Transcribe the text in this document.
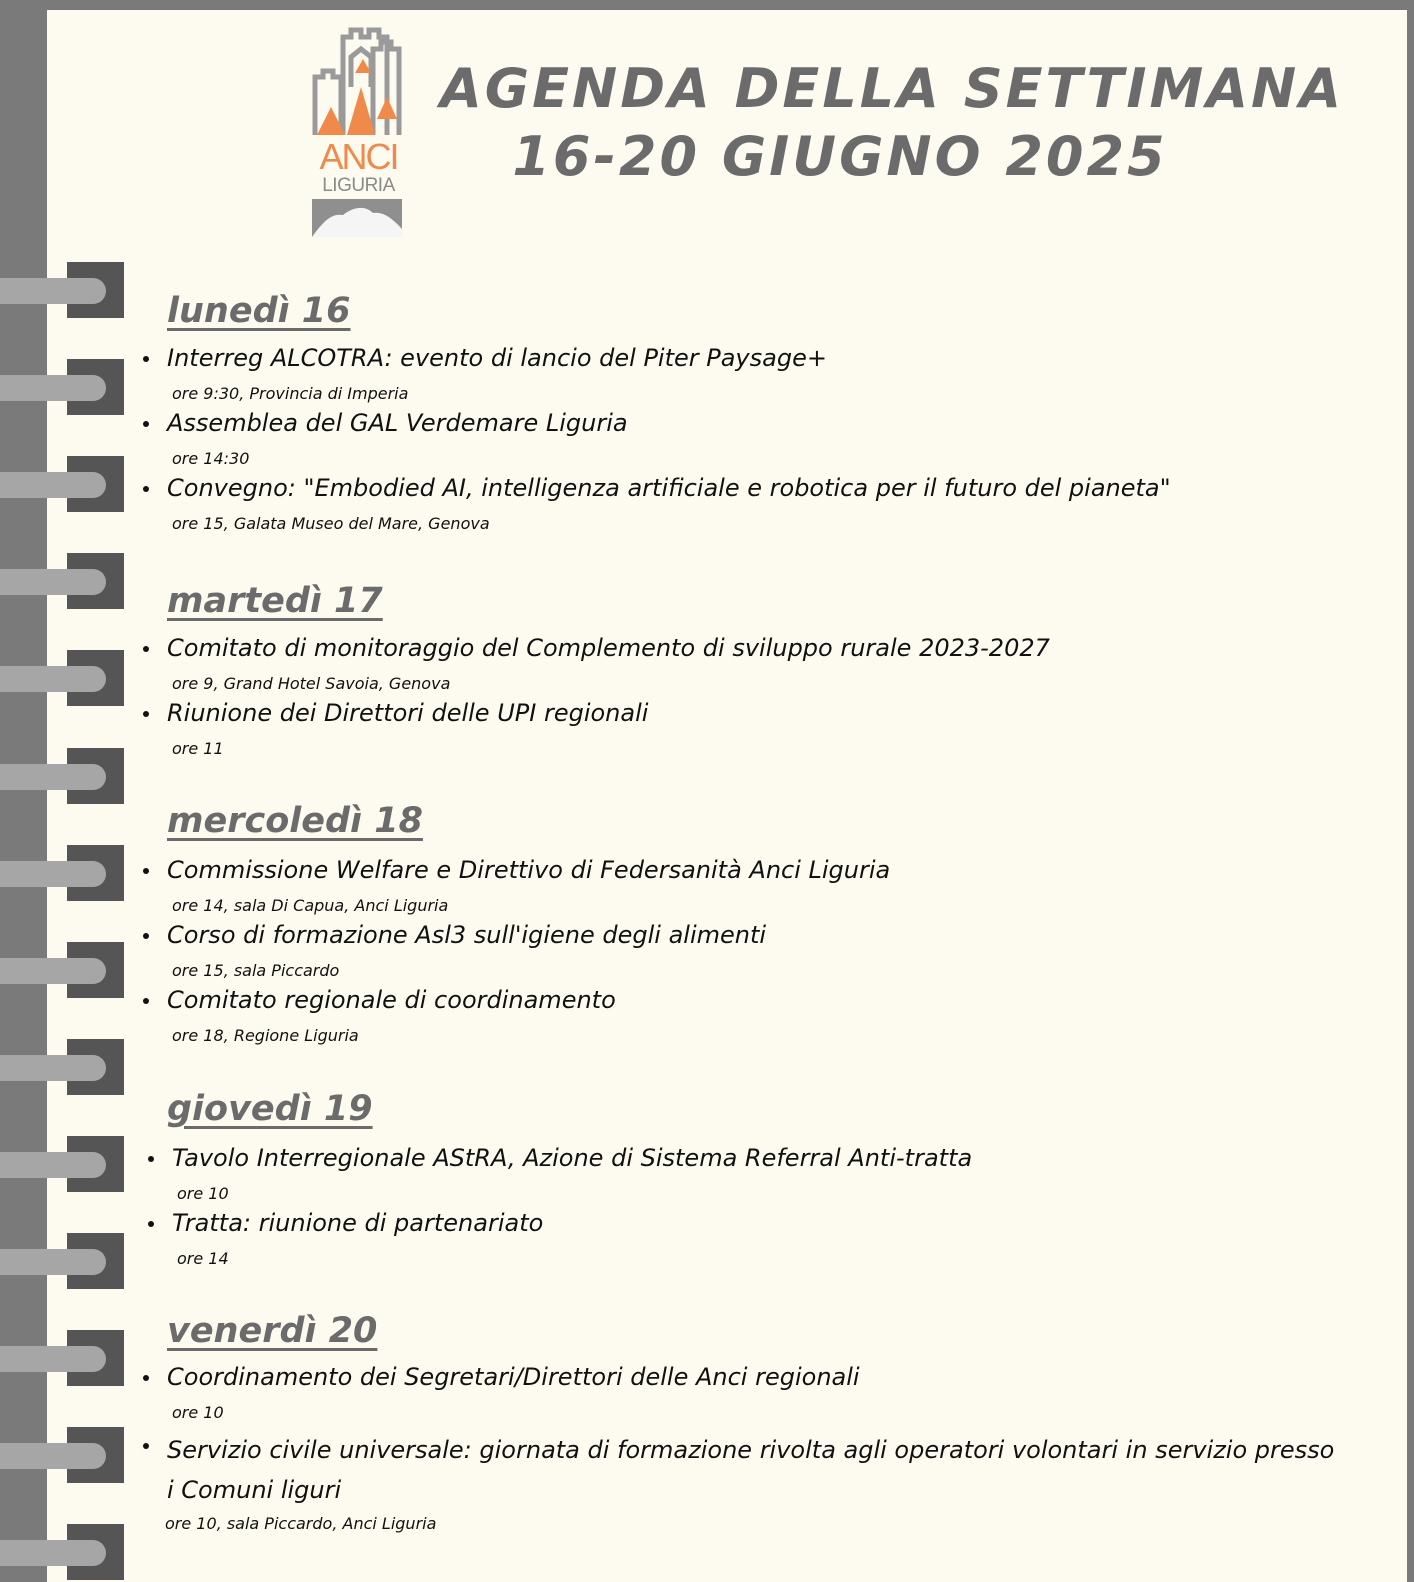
ANCI
LIGURIA
AGENDA DELLA SETTIMANA
16-20 GIUGNO 2025
lunedì 16
Interreg ALCOTRA: evento di lancio del Piter Paysage+
ore 9:30, Provincia di Imperia
Assemblea del GAL Verdemare Liguria
ore 14:30
Convegno: "Embodied AI, intelligenza artificiale e robotica per il futuro del pianeta"
ore 15, Galata Museo del Mare, Genova
martedì 17
Comitato di monitoraggio del Complemento di sviluppo rurale 2023-2027
ore 9, Grand Hotel Savoia, Genova
Riunione dei Direttori delle UPI regionali
ore 11
mercoledì 18
Commissione Welfare e Direttivo di Federsanità Anci Liguria
ore 14, sala Di Capua, Anci Liguria
Corso di formazione Asl3 sull'igiene degli alimenti
ore 15, sala Piccardo
Comitato regionale di coordinamento
ore 18, Regione Liguria
giovedì 19
Tavolo Interregionale AStRA, Azione di Sistema Referral Anti-tratta
ore 10
Tratta: riunione di partenariato
ore 14
venerdì 20
Coordinamento dei Segretari/Direttori delle Anci regionali
ore 10
Servizio civile universale: giornata di formazione rivolta agli operatori volontari in servizio presso i Comuni liguri
ore 10, sala Piccardo, Anci Liguria
